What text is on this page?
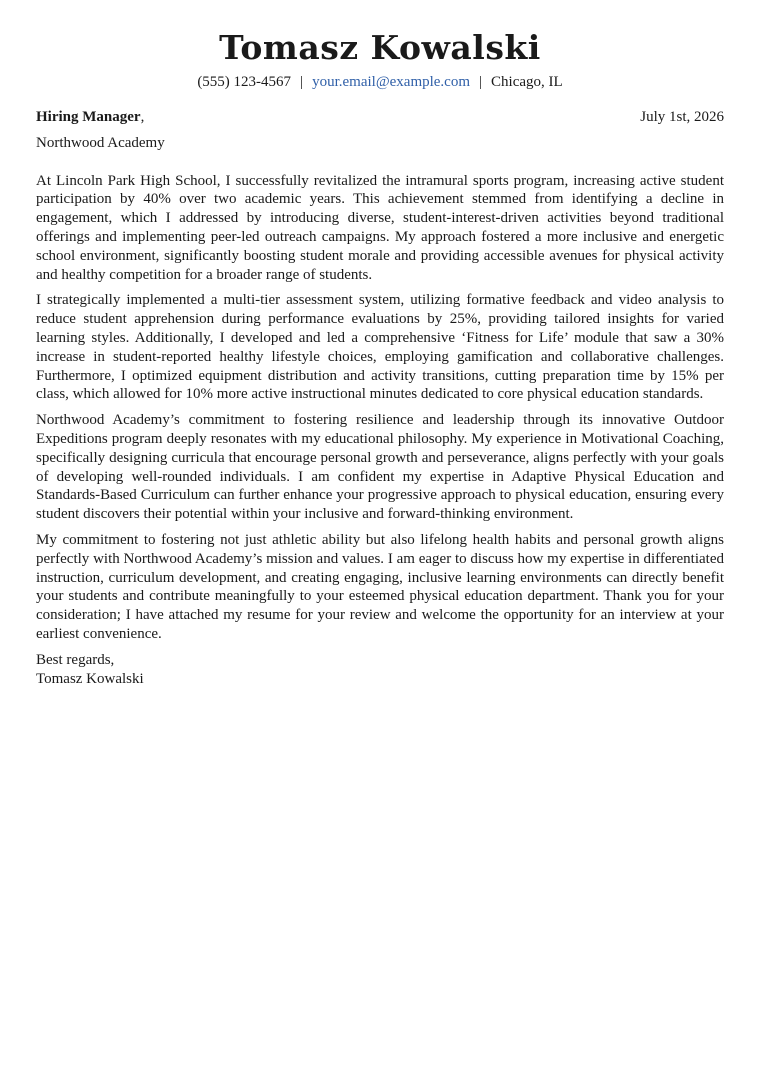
Tomasz Kowalski
(555) 123-4567 | your.email@example.com | Chicago, IL
Hiring Manager,	July 1st, 2026
Northwood Academy

At Lincoln Park High School, I successfully revitalized the intramural sports program, increasing active student participation by 40% over two academic years. This achievement stemmed from identifying a decline in engagement, which I addressed by introducing diverse, student-interest-driven activities beyond traditional offerings and implementing peer-led outreach campaigns. My approach fostered a more inclusive and energetic school environment, significantly boosting student morale and providing accessible avenues for physical activity and healthy competition for a broader range of students.

I strategically implemented a multi-tier assessment system, utilizing formative feedback and video analysis to reduce student apprehension during performance evaluations by 25%, providing tailored insights for varied learning styles. Additionally, I developed and led a comprehensive ‘Fitness for Life’ module that saw a 30% increase in student-reported healthy lifestyle choices, employing gamification and collaborative challenges. Furthermore, I optimized equipment distribution and activity transitions, cutting preparation time by 15% per class, which allowed for 10% more active instructional minutes dedicated to core physical education standards.

Northwood Academy’s commitment to fostering resilience and leadership through its innovative Outdoor Expeditions program deeply resonates with my educational philosophy. My experience in Motivational Coaching, specifically designing curricula that encourage personal growth and perseverance, aligns perfectly with your goals of developing well-rounded individuals. I am confident my expertise in Adaptive Physical Education and Standards-Based Curriculum can further enhance your progressive approach to physical education, ensuring every student discovers their potential within your inclusive and forward-thinking environment.

My commitment to fostering not just athletic ability but also lifelong health habits and personal growth aligns perfectly with Northwood Academy’s mission and values. I am eager to discuss how my expertise in differentiated instruction, curriculum development, and creating engaging, inclusive learning environments can directly benefit your students and contribute meaningfully to your esteemed physical education department. Thank you for your consideration; I have attached my resume for your review and welcome the opportunity for an interview at your earliest convenience.

Best regards,
Tomasz Kowalski
